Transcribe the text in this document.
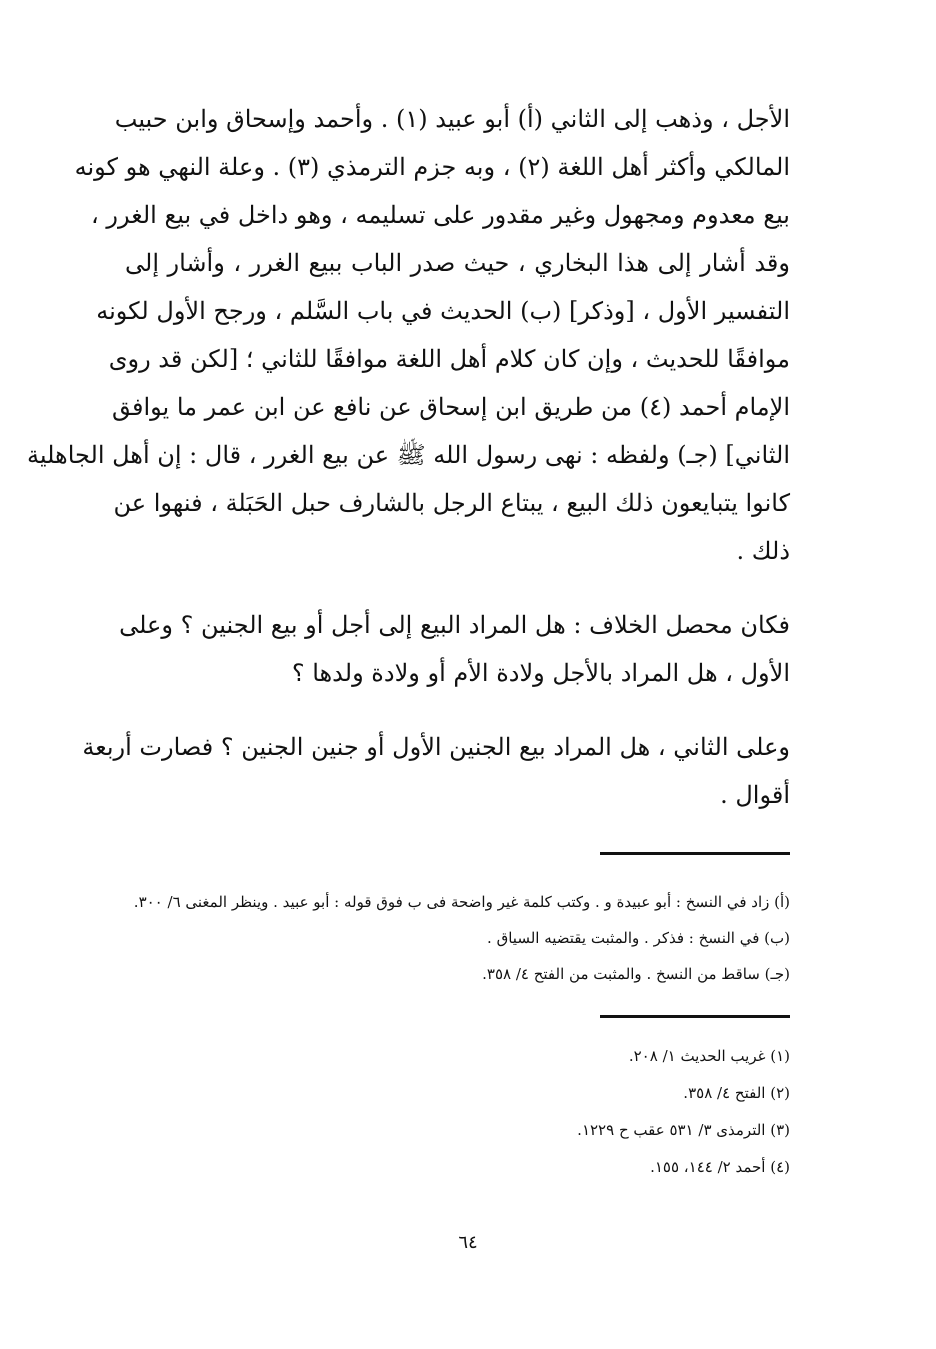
الأجل ، وذهب إلى الثاني (أ) أبو عبيد (١) . وأحمد وإسحاق وابن حبيب
المالكي وأكثر أهل اللغة (٢) ، وبه جزم الترمذي (٣) . وعلة النهي هو كونه
بيع معدوم ومجهول وغير مقدور على تسليمه ، وهو داخل في بيع الغرر ،
وقد أشار إلى هذا البخاري ، حيث صدر الباب ببيع الغرر ، وأشار إلى
التفسير الأول ، [وذكر] (ب) الحديث في باب السَّلم ، ورجح الأول لكونه
موافقًا للحديث ، وإن كان كلام أهل اللغة موافقًا للثاني ؛ [لكن قد روى
الإمام أحمد (٤) من طريق ابن إسحاق عن نافع عن ابن عمر ما يوافق
الثاني] (جـ) ولفظه : نهى رسول الله ﷺ عن بيع الغرر ، قال : إن أهل الجاهلية
كانوا يتبايعون ذلك البيع ، يبتاع الرجل بالشارف حبل الحَبَلة ، فنهوا عن
ذلك .
فكان محصل الخلاف : هل المراد البيع إلى أجل أو بيع الجنين ؟ وعلى
الأول ، هل المراد بالأجل ولادة الأم أو ولادة ولدها ؟
وعلى الثاني ، هل المراد بيع الجنين الأول أو جنين الجنين ؟ فصارت أربعة
أقوال .
(أ) زاد في النسخ : أبو عبيدة و . وكتب كلمة غير واضحة فى ب فوق قوله : أبو عبيد . وينظر المغنى ٦/ ٣٠٠.
(ب) في النسخ : فذكر . والمثبت يقتضيه السياق .
(جـ) ساقط من النسخ . والمثبت من الفتح ٤/ ٣٥٨.
(١) غريب الحديث ١/ ٢٠٨.
(٢) الفتح ٤/ ٣٥٨.
(٣) الترمذى ٣/ ٥٣١ عقب ح ١٢٢٩.
(٤) أحمد ٢/ ١٤٤، ١٥٥.
٦٤
